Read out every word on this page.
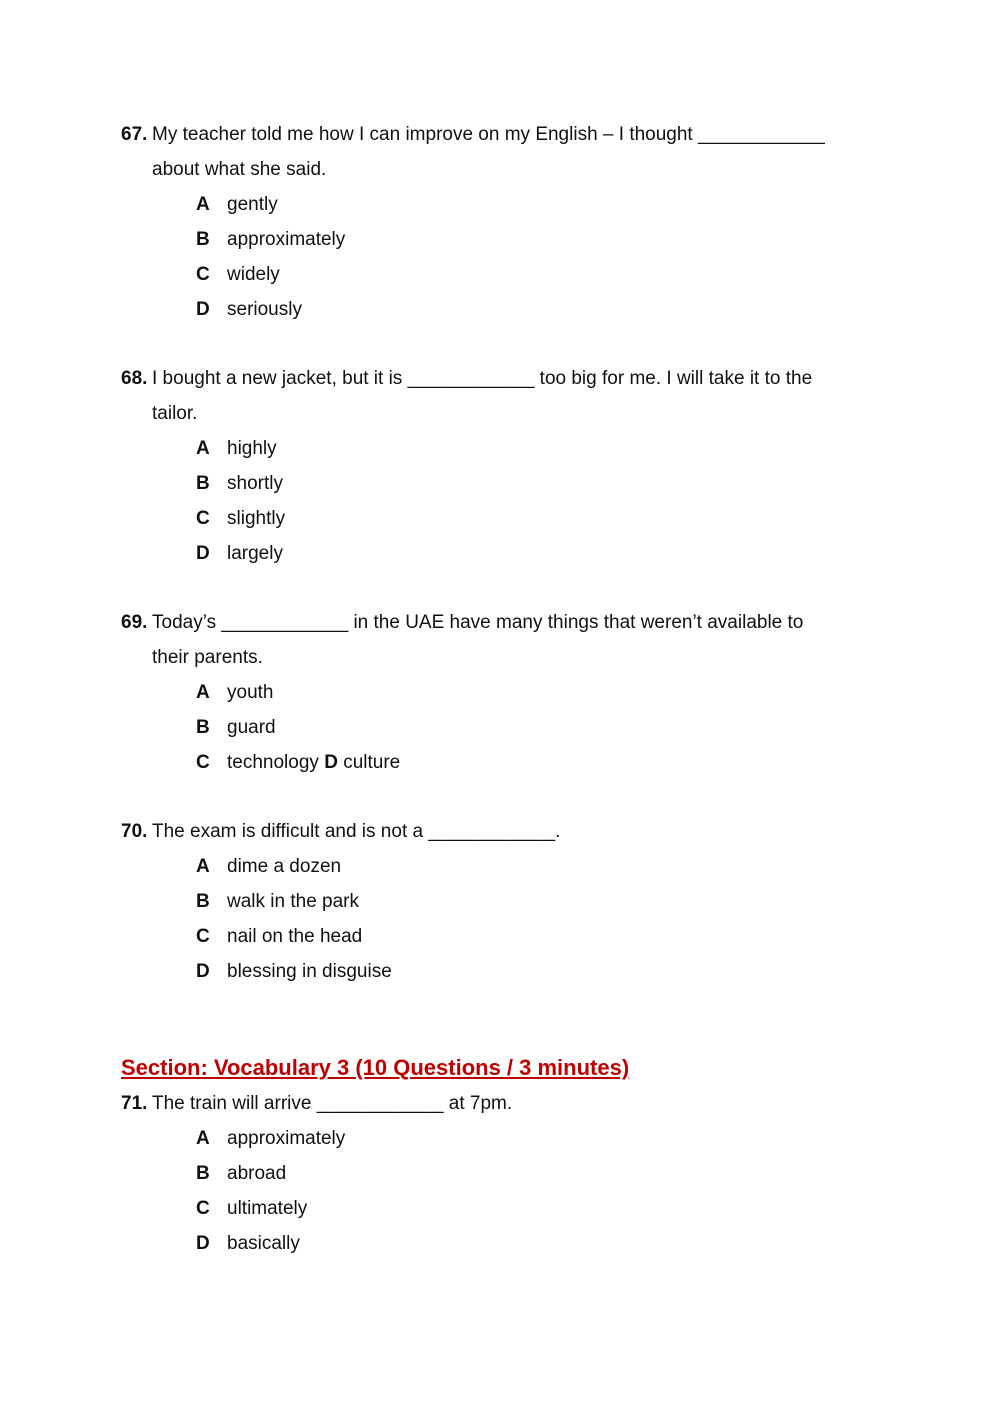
67. My teacher told me how I can improve on my English – I thought ____________
about what she said.
A gently
B approximately
C widely
D seriously
68. I bought a new jacket, but it is ____________ too big for me. I will take it to the
tailor.
A highly
B shortly
C slightly
D largely
69. Today’s ____________ in the UAE have many things that weren’t available to
their parents.
A youth
B guard
C technology D culture
70. The exam is difficult and is not a ____________.
A dime a dozen
B walk in the park
C nail on the head
D blessing in disguise
Section: Vocabulary 3 (10 Questions / 3 minutes)
71. The train will arrive ____________ at 7pm.
A approximately
B abroad
C ultimately
D basically
